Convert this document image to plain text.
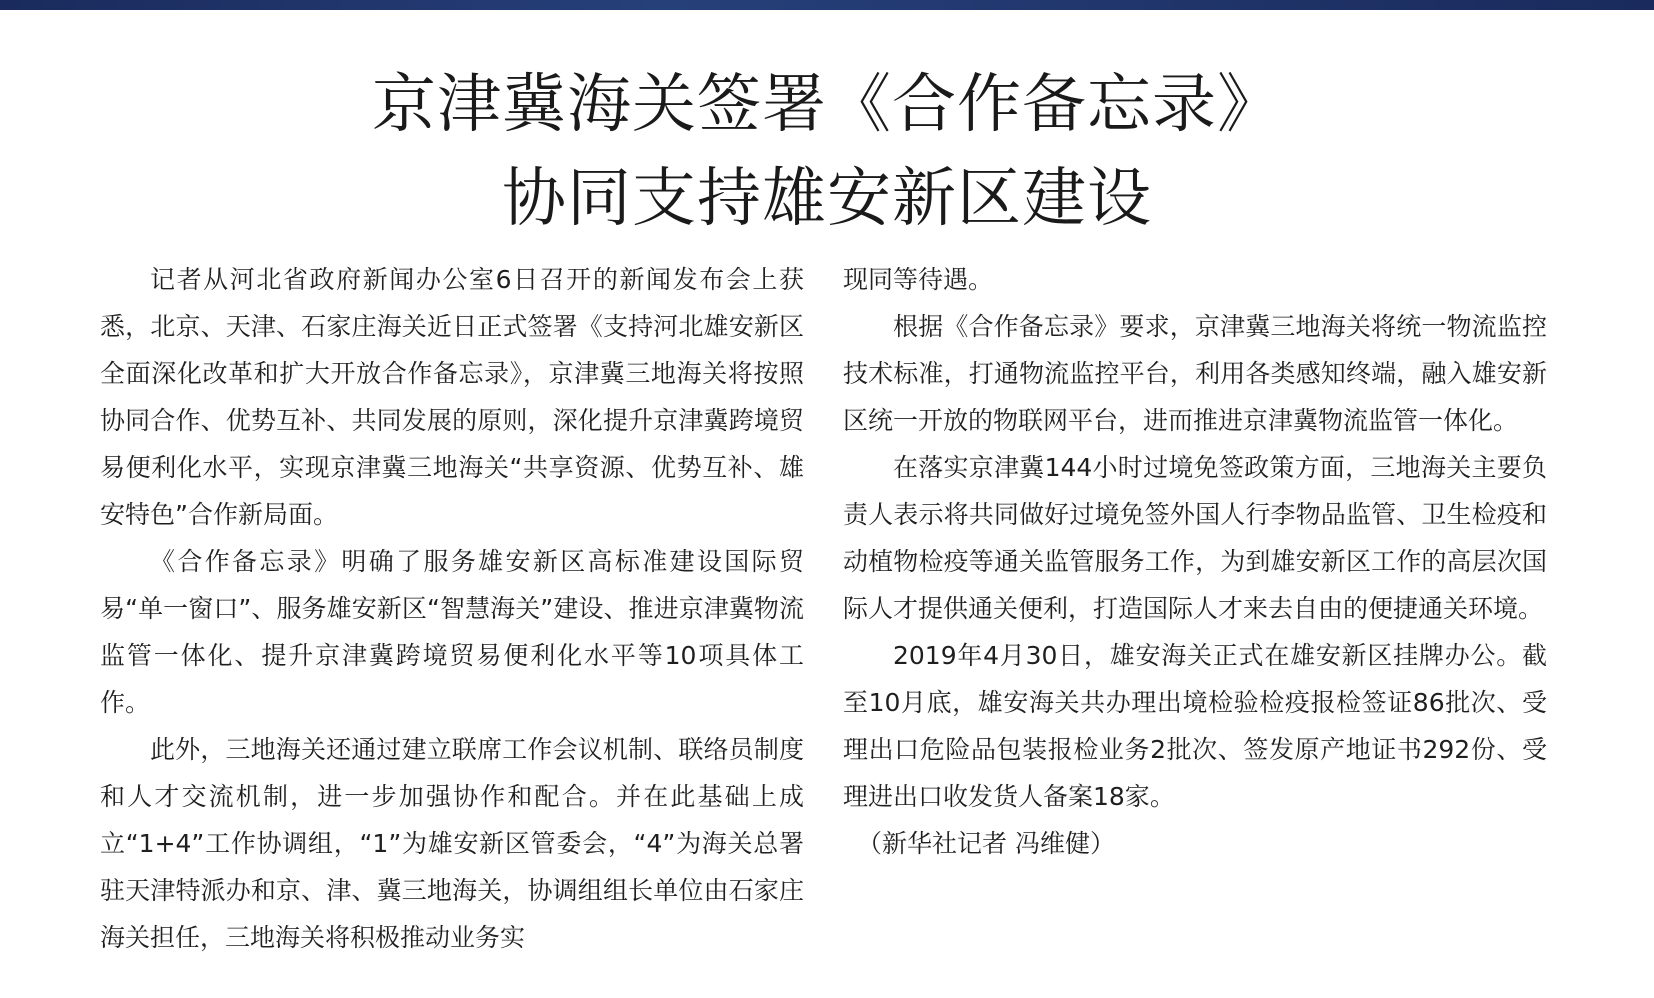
京津冀海关签署《合作备忘录》
协同支持雄安新区建设

记者从河北省政府新闻办公室6日召开的新闻发布会上获悉，北京、天津、石家庄海关近日正式签署《支持河北雄安新区全面深化改革和扩大开放合作备忘录》，京津冀三地海关将按照协同合作、优势互补、共同发展的原则，深化提升京津冀跨境贸易便利化水平，实现京津冀三地海关“共享资源、优势互补、雄安特色”合作新局面。

《合作备忘录》明确了服务雄安新区高标准建设国际贸易“单一窗口”、服务雄安新区“智慧海关”建设、推进京津冀物流监管一体化、提升京津冀跨境贸易便利化水平等10项具体工作。

此外，三地海关还通过建立联席工作会议机制、联络员制度和人才交流机制，进一步加强协作和配合。并在此基础上成立“1+4”工作协调组，“1”为雄安新区管委会，“4”为海关总署驻天津特派办和京、津、冀三地海关，协调组组长单位由石家庄海关担任，三地海关将积极推动业务实

现同等待遇。

根据《合作备忘录》要求，京津冀三地海关将统一物流监控技术标准，打通物流监控平台，利用各类感知终端，融入雄安新区统一开放的物联网平台，进而推进京津冀物流监管一体化。

在落实京津冀144小时过境免签政策方面，三地海关主要负责人表示将共同做好过境免签外国人行李物品监管、卫生检疫和动植物检疫等通关监管服务工作，为到雄安新区工作的高层次国际人才提供通关便利，打造国际人才来去自由的便捷通关环境。

2019年4月30日，雄安海关正式在雄安新区挂牌办公。截至10月底，雄安海关共办理出境检验检疫报检签证86批次、受理出口危险品包装报检业务2批次、签发原产地证书292份、受理进出口收发货人备案18家。

（新华社记者 冯维健）
